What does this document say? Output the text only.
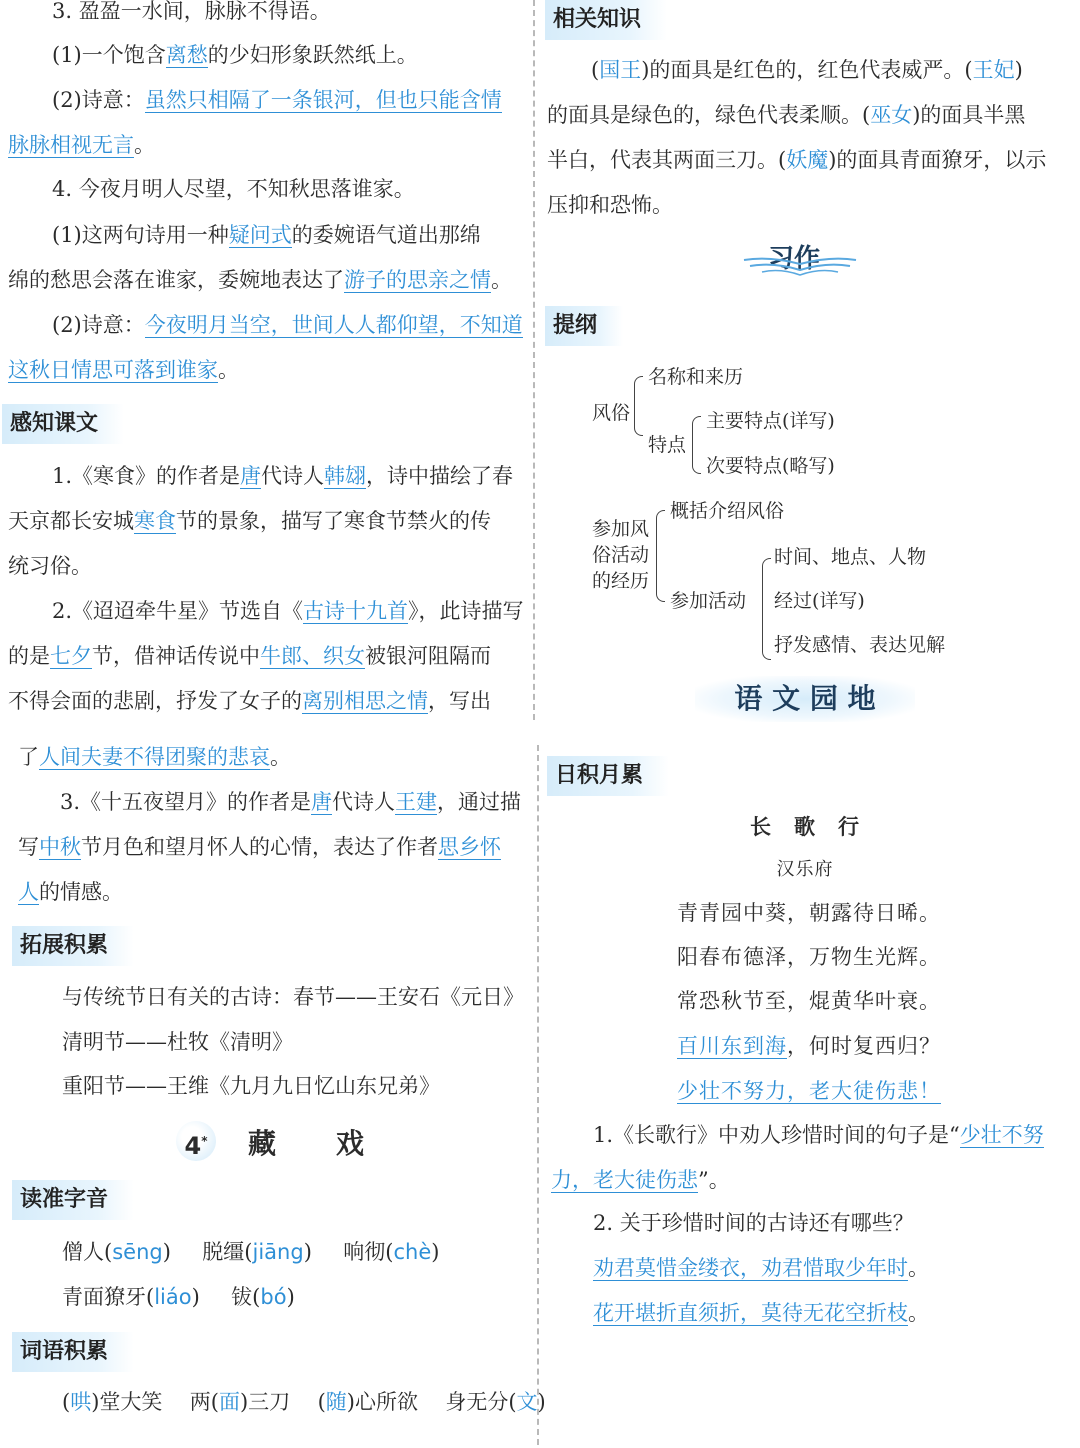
3. 盈盈一水间，脉脉不得语。
(1)一个饱含离愁的少妇形象跃然纸上。
(2)诗意：虽然只相隔了一条银河，但也只能含情
脉脉相视无言。
4. 今夜月明人尽望，不知秋思落谁家。
(1)这两句诗用一种疑问式的委婉语气道出那绵
绵的愁思会落在谁家，委婉地表达了游子的思亲之情。
(2)诗意：今夜明月当空，世间人人都仰望，不知道
这秋日情思可落到谁家。
感知课文
1.《寒食》的作者是唐代诗人韩翃，诗中描绘了春
天京都长安城寒食节的景象，描写了寒食节禁火的传
统习俗。
2.《迢迢牵牛星》节选自《古诗十九首》，此诗描写
的是七夕节，借神话传说中牛郎、织女被银河阻隔而
不得会面的悲剧，抒发了女子的离别相思之情，写出
了人间夫妻不得团聚的悲哀。
3.《十五夜望月》的作者是唐代诗人王建，通过描
写中秋节月色和望月怀人的心情，表达了作者思乡怀
人的情感。
拓展积累
与传统节日有关的古诗：春节——王安石《元日》
清明节——杜牧《清明》
重阳节——王维《九月九日忆山东兄弟》
4*	藏 戏
读准字音
僧人(sēng) 脱缰(jiāng) 响彻(chè)
青面獠牙(liáo) 钹(bó)
词语积累
(哄)堂大笑 两(面)三刀 (随)心所欲 身无分(文)
相关知识
(国王)的面具是红色的，红色代表威严。(王妃)
的面具是绿色的，绿色代表柔顺。(巫女)的面具半黑
半白，代表其两面三刀。(妖魔)的面具青面獠牙，以示
压抑和恐怖。
习作
提纲
风俗
名称和来历
特点
主要特点(详写)
次要特点(略写)
参加风
俗活动
的经历
概括介绍风俗
参加活动
时间、地点、人物
经过(详写)
抒发感情、表达见解
语 文 园 地
日积月累
长　歌　行
汉乐府
青青园中葵，朝露待日晞。
阳春布德泽，万物生光辉。
常恐秋节至，焜黄华叶衰。
百川东到海，何时复西归？
少壮不努力，老大徒伤悲！
1.《长歌行》中劝人珍惜时间的句子是“少壮不努
力，老大徒伤悲”。
2. 关于珍惜时间的古诗还有哪些？
劝君莫惜金缕衣，劝君惜取少年时。
花开堪折直须折，莫待无花空折枝。
